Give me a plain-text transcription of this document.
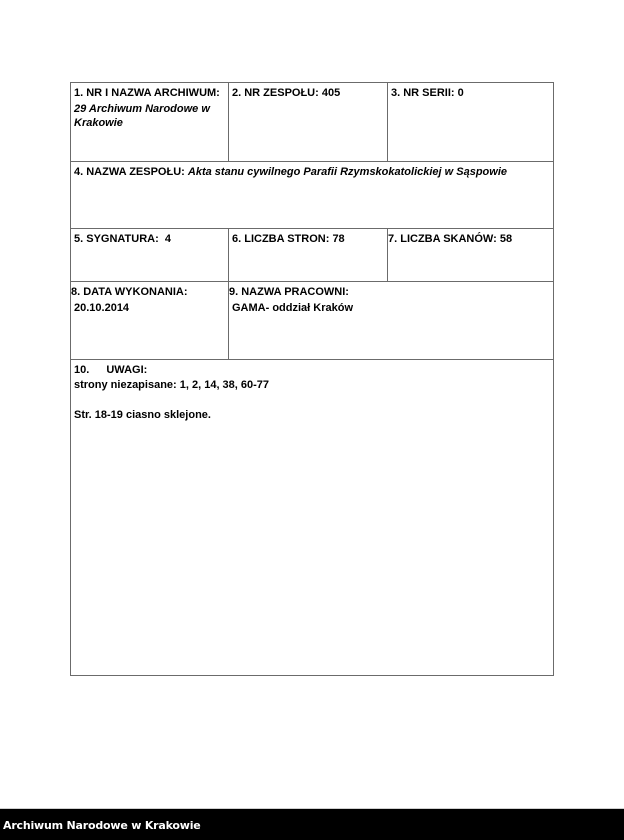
1. NR I NAZWA ARCHIWUM:
29 Archiwum Narodowe w Krakowie
2. NR ZESPOŁU: 405	3. NR SERII: 0
4. NAZWA ZESPOŁU: Akta stanu cywilnego Parafii Rzymskokatolickiej w Sąspowie
5. SYGNATURA: 4	6. LICZBA STRON: 78	7. LICZBA SKANÓW: 58
8. DATA WYKONANIA:
20.10.2014
9. NAZWA PRACOWNI:
GAMA- oddział Kraków
10. UWAGI:
strony niezapisane: 1, 2, 14, 38, 60-77
Str. 18-19 ciasno sklejone.
Archiwum Narodowe w Krakowie
